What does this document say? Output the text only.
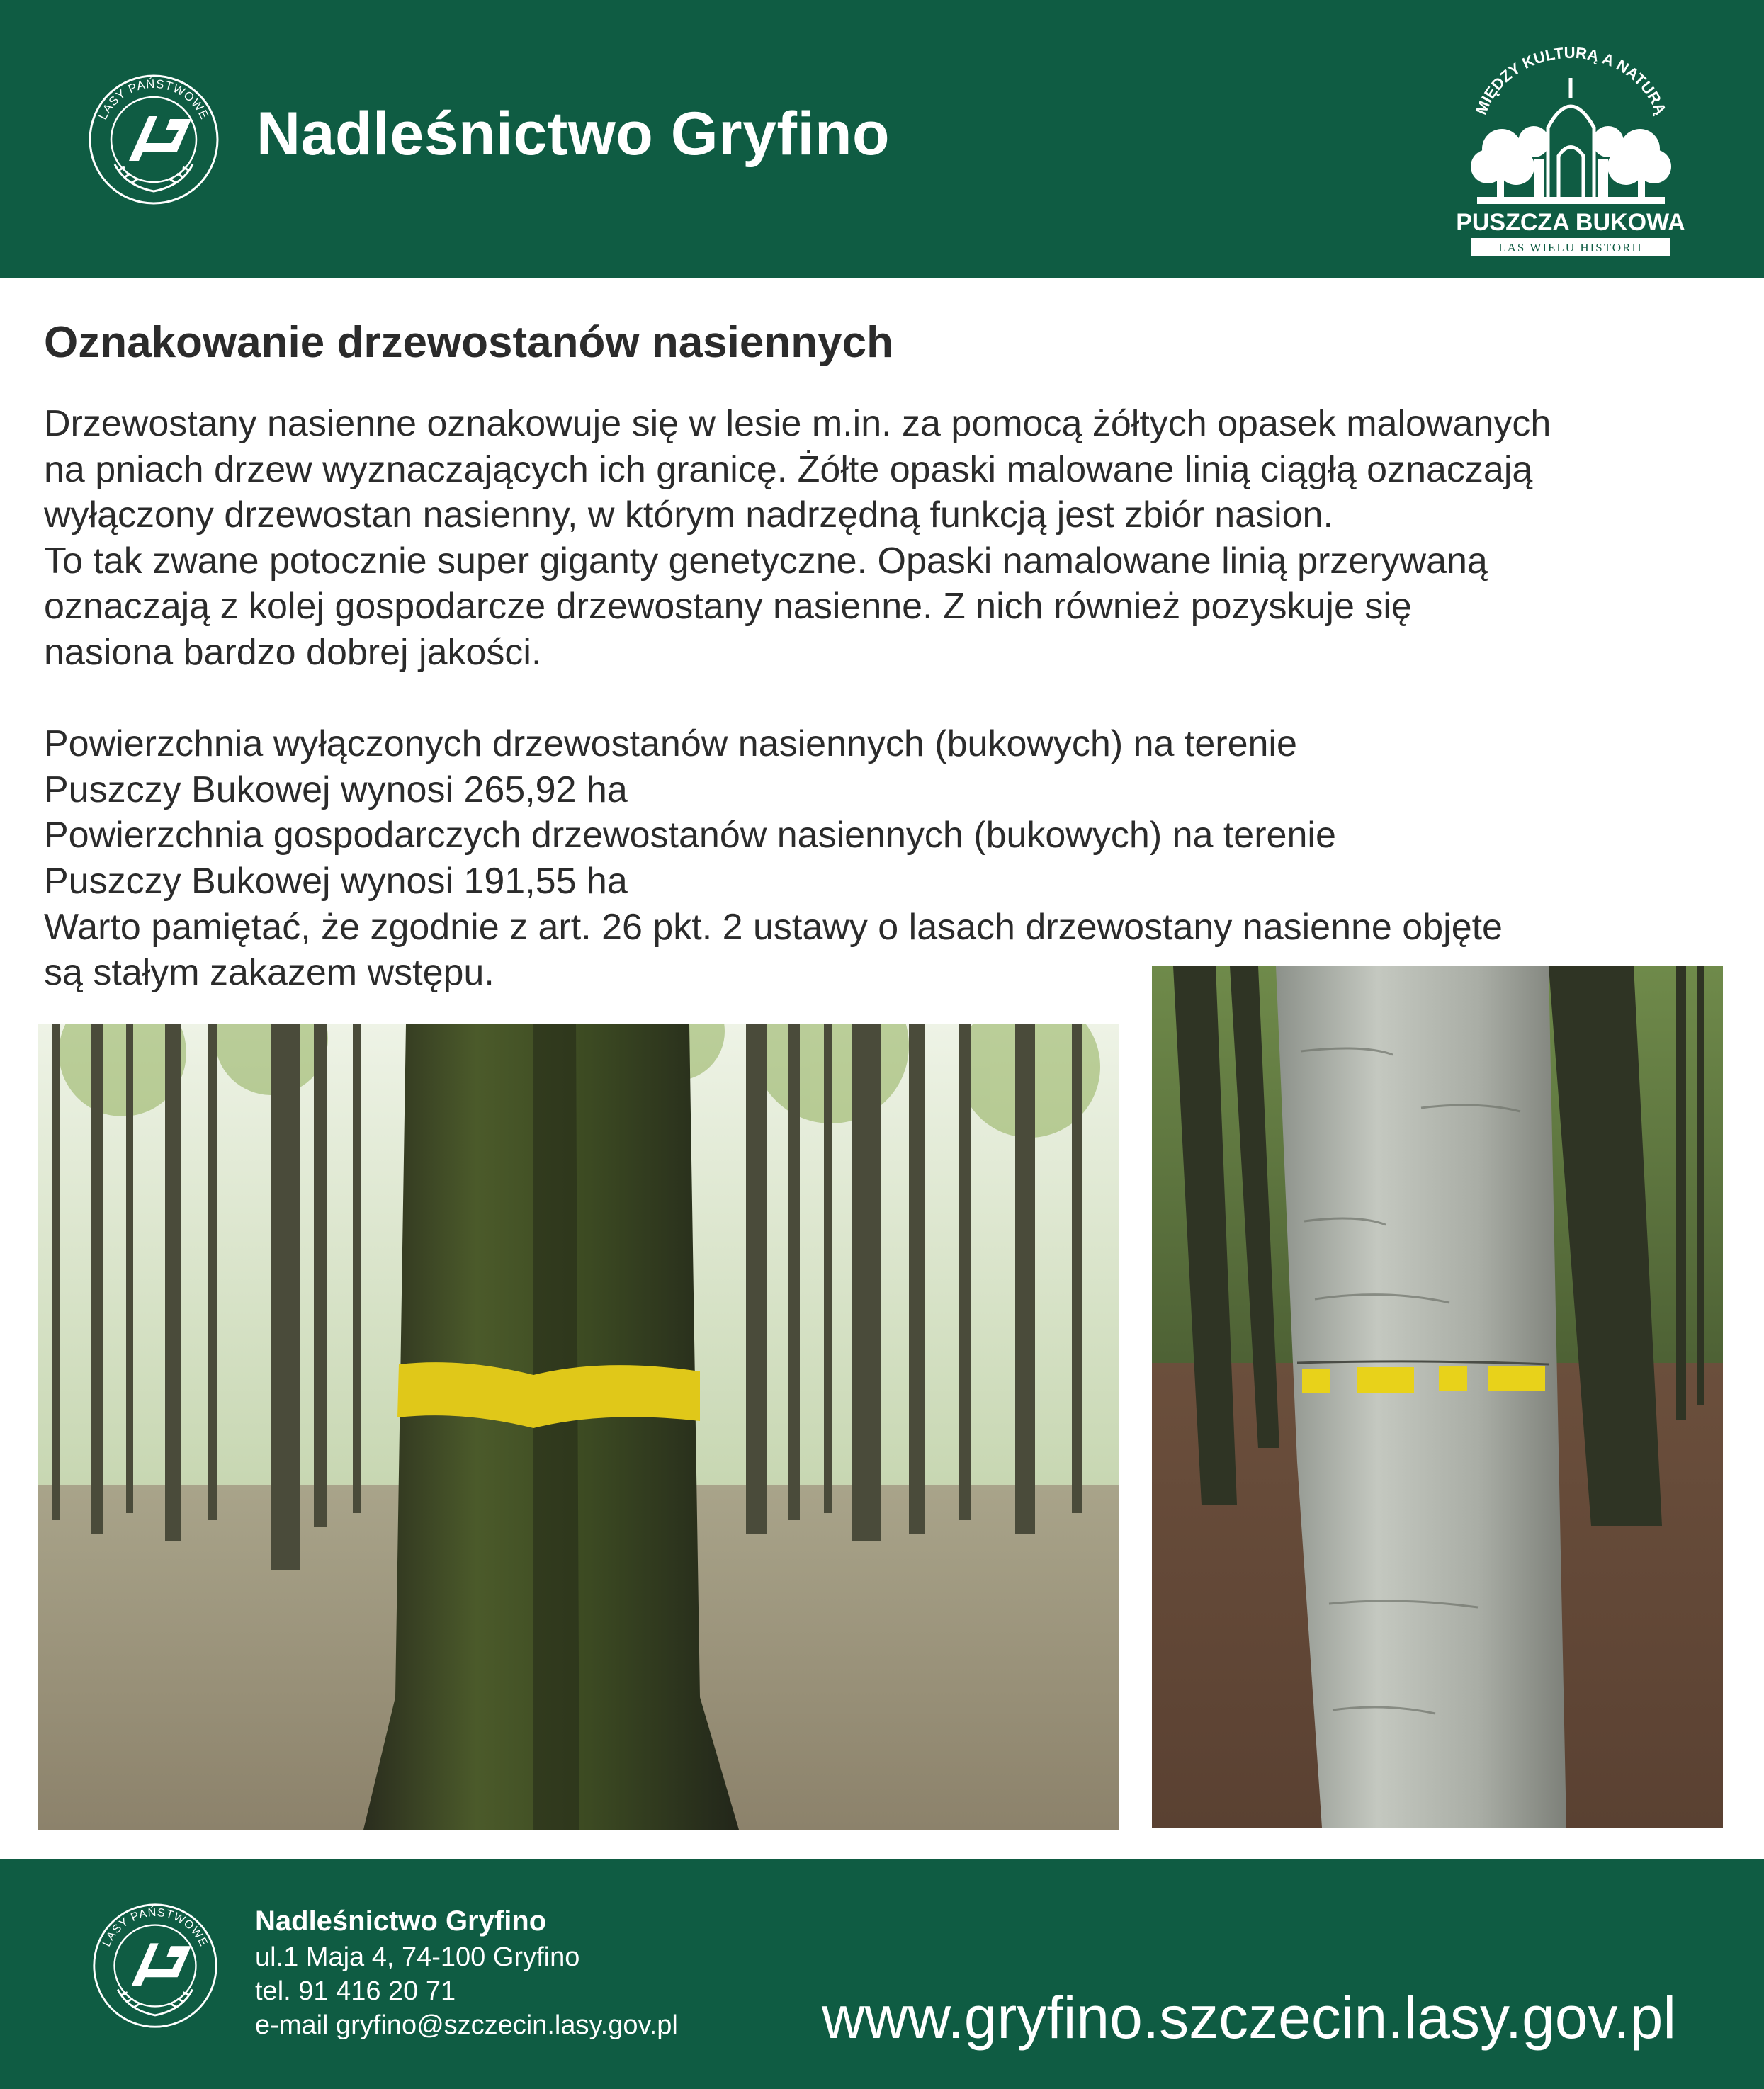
LASY PAŃSTWOWE Nadleśnictwo Gryfino	MIĘDZY KULTURĄ A NATURĄ
PUSZCZA BUKOWA
LAS WIELU HISTORII
Oznakowanie drzewostanów nasiennych

Drzewostany nasienne oznakowuje się w lesie m.in. za pomocą żółtych opasek malowanych

na pniach drzew wyznaczających ich granicę. Żółte opaski malowane linią ciągłą oznaczają

wyłączony drzewostan nasienny, w którym nadrzędną funkcją jest zbiór nasion.

To tak zwane potocznie super giganty genetyczne. Opaski namalowane linią przerywaną

oznaczają z kolej gospodarcze drzewostany nasienne. Z nich również pozyskuje się

nasiona bardzo dobrej jakości.

Powierzchnia wyłączonych drzewostanów nasiennych (bukowych) na terenie

Puszczy Bukowej wynosi 265,92 ha

Powierzchnia gospodarczych drzewostanów nasiennych (bukowych) na terenie

Puszczy Bukowej wynosi 191,55 ha

Warto pamiętać, że zgodnie z art. 26 pkt. 2 ustawy o lasach drzewostany nasienne objęte

są stałym zakazem wstępu.

LASY PAŃSTWOWE
Nadleśnictwo Gryfino
ul.1 Maja 4, 74-100 Gryfino
tel. 91 416 20 71
e-mail gryfino@szczecin.lasy.gov.pl www.gryfino.szczecin.lasy.gov.pl
